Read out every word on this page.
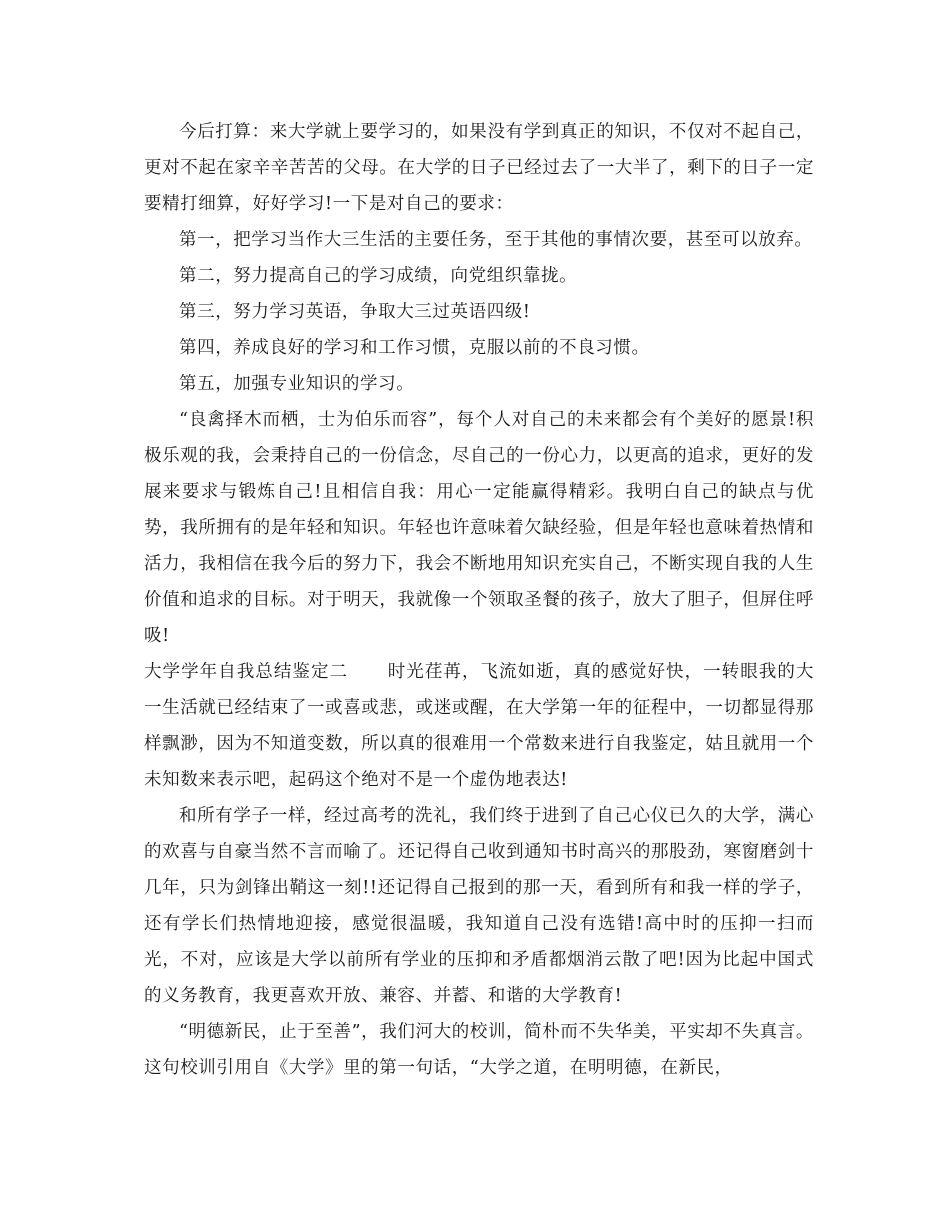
今后打算：来大学就上要学习的，如果没有学到真正的知识，不仅对不起自己，更对不起在家辛辛苦苦的父母。在大学的日子已经过去了一大半了，剩下的日子一定要精打细算，好好学习!一下是对自己的要求：

第一，把学习当作大三生活的主要任务，至于其他的事情次要，甚至可以放弃。

第二，努力提高自己的学习成绩，向党组织靠拢。

第三，努力学习英语，争取大三过英语四级!

第四，养成良好的学习和工作习惯，克服以前的不良习惯。

第五，加强专业知识的学习。

“良禽择木而栖，士为伯乐而容”，每个人对自己的未来都会有个美好的愿景!积极乐观的我，会秉持自己的一份信念，尽自己的一份心力，以更高的追求，更好的发展来要求与锻炼自己!且相信自我：用心一定能赢得精彩。我明白自己的缺点与优势，我所拥有的是年轻和知识。年轻也许意味着欠缺经验，但是年轻也意味着热情和活力，我相信在我今后的努力下，我会不断地用知识充实自己，不断实现自我的人生价值和追求的目标。对于明天，我就像一个领取圣餐的孩子，放大了胆子，但屏住呼吸!

大学学年自我总结鉴定二 时光荏苒，飞流如逝，真的感觉好快，一转眼我的大一生活就已经结束了一或喜或悲，或迷或醒，在大学第一年的征程中，一切都显得那样飘渺，因为不知道变数，所以真的很难用一个常数来进行自我鉴定，姑且就用一个未知数来表示吧，起码这个绝对不是一个虚伪地表达!

和所有学子一样，经过高考的洗礼，我们终于进到了自己心仪已久的大学，满心的欢喜与自豪当然不言而喻了。还记得自己收到通知书时高兴的那股劲，寒窗磨剑十几年，只为剑锋出鞘这一刻!!还记得自己报到的那一天，看到所有和我一样的学子，还有学长们热情地迎接，感觉很温暖，我知道自己没有选错!高中时的压抑一扫而光，不对，应该是大学以前所有学业的压抑和矛盾都烟消云散了吧!因为比起中国式的义务教育，我更喜欢开放、兼容、并蓄、和谐的大学教育!

“明德新民，止于至善”，我们河大的校训，简朴而不失华美，平实却不失真言。这句校训引用自《大学》里的第一句话，“大学之道，在明明德，在新民，
